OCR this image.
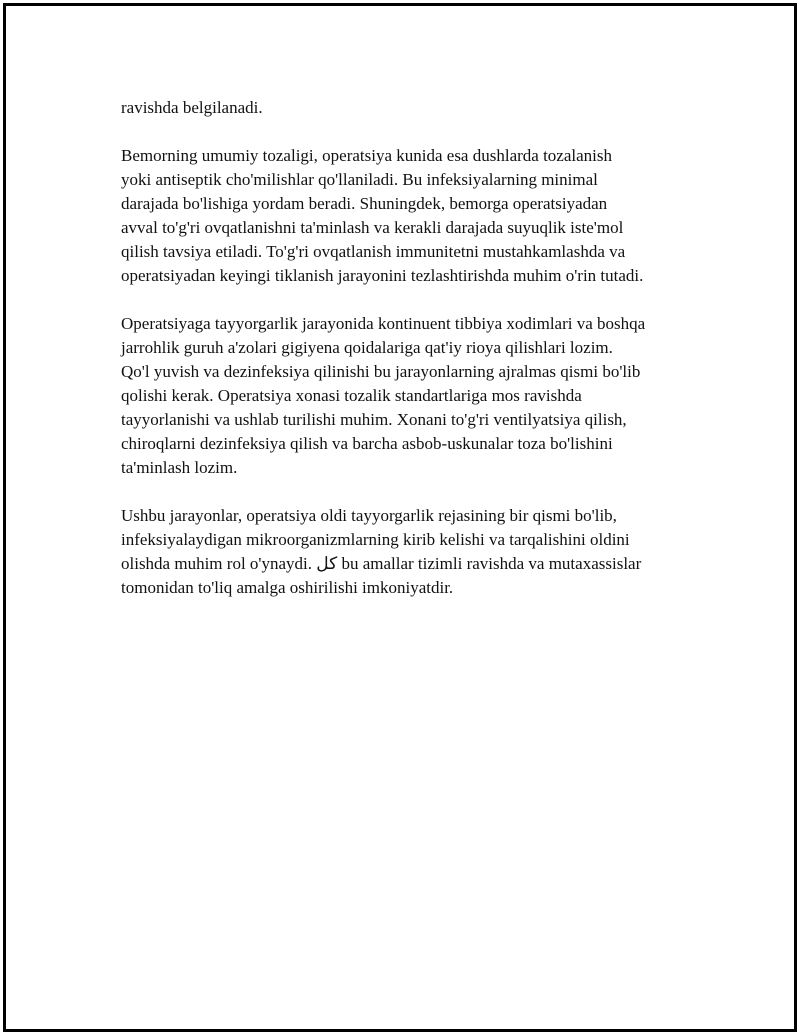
ravishda belgilanadi.

Bemorning umumiy tozaligi, operatsiya kunida esa dushlarda tozalanish
yoki antiseptik cho'milishlar qo'llaniladi. Bu infeksiyalarning minimal
darajada bo'lishiga yordam beradi. Shuningdek, bemorga operatsiyadan
avval to'g'ri ovqatlanishni ta'minlash va kerakli darajada suyuqlik iste'mol
qilish tavsiya etiladi. To'g'ri ovqatlanish immunitetni mustahkamlashda va
operatsiyadan keyingi tiklanish jarayonini tezlashtirishda muhim o'rin tutadi.

Operatsiyaga tayyorgarlik jarayonida kontinuent tibbiya xodimlari va boshqa
jarrohlik guruh a'zolari gigiyena qoidalariga qat'iy rioya qilishlari lozim.
Qo'l yuvish va dezinfeksiya qilinishi bu jarayonlarning ajralmas qismi bo'lib
qolishi kerak. Operatsiya xonasi tozalik standartlariga mos ravishda
tayyorlanishi va ushlab turilishi muhim. Xonani to'g'ri ventilyatsiya qilish,
chiroqlarni dezinfeksiya qilish va barcha asbob-uskunalar toza bo'lishini
ta'minlash lozim.

Ushbu jarayonlar, operatsiya oldi tayyorgarlik rejasining bir qismi bo'lib,
infeksiyalaydigan mikroorganizmlarning kirib kelishi va tarqalishini oldini
olishda muhim rol o'ynaydi. کل bu amallar tizimli ravishda va mutaxassislar
tomonidan to'liq amalga oshirilishi imkoniyatdir.
